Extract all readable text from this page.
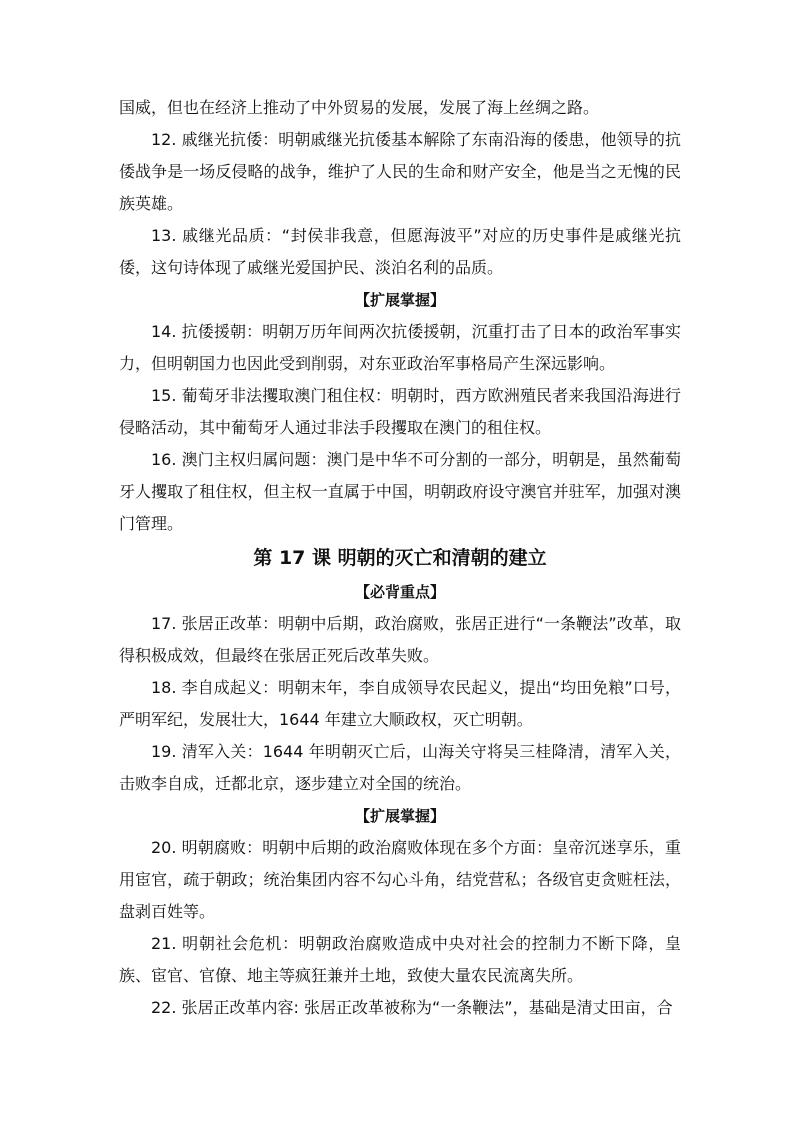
国威，但也在经济上推动了中外贸易的发展，发展了海上丝绸之路。

12. 戚继光抗倭：明朝戚继光抗倭基本解除了东南沿海的倭患，他领导的抗倭战争是一场反侵略的战争，维护了人民的生命和财产安全，他是当之无愧的民族英雄。

13. 戚继光品质：“封侯非我意，但愿海波平”对应的历史事件是戚继光抗倭，这句诗体现了戚继光爱国护民、淡泊名利的品质。

【扩展掌握】

14. 抗倭援朝：明朝万历年间两次抗倭援朝，沉重打击了日本的政治军事实力，但明朝国力也因此受到削弱，对东亚政治军事格局产生深远影响。

15. 葡萄牙非法攫取澳门租住权：明朝时，西方欧洲殖民者来我国沿海进行侵略活动，其中葡萄牙人通过非法手段攫取在澳门的租住权。

16. 澳门主权归属问题：澳门是中华不可分割的一部分，明朝是，虽然葡萄牙人攫取了租住权，但主权一直属于中国，明朝政府设守澳官并驻军，加强对澳门管理。

第 17 课 明朝的灭亡和清朝的建立

【必背重点】

17. 张居正改革：明朝中后期，政治腐败，张居正进行“一条鞭法”改革，取得积极成效，但最终在张居正死后改革失败。

18. 李自成起义：明朝末年，李自成领导农民起义，提出“均田免粮”口号，严明军纪，发展壮大，1644 年建立大顺政权，灭亡明朝。

19. 清军入关：1644 年明朝灭亡后，山海关守将吴三桂降清，清军入关，击败李自成，迁都北京，逐步建立对全国的统治。

【扩展掌握】

20. 明朝腐败：明朝中后期的政治腐败体现在多个方面：皇帝沉迷享乐，重用宦官，疏于朝政；统治集团内容不勾心斗角，结党营私；各级官吏贪赃枉法，盘剥百姓等。

21. 明朝社会危机：明朝政治腐败造成中央对社会的控制力不断下降，皇族、宦官、官僚、地主等疯狂兼并土地，致使大量农民流离失所。

22. 张居正改革内容: 张居正改革被称为“一条鞭法”，基础是清丈田亩，合
